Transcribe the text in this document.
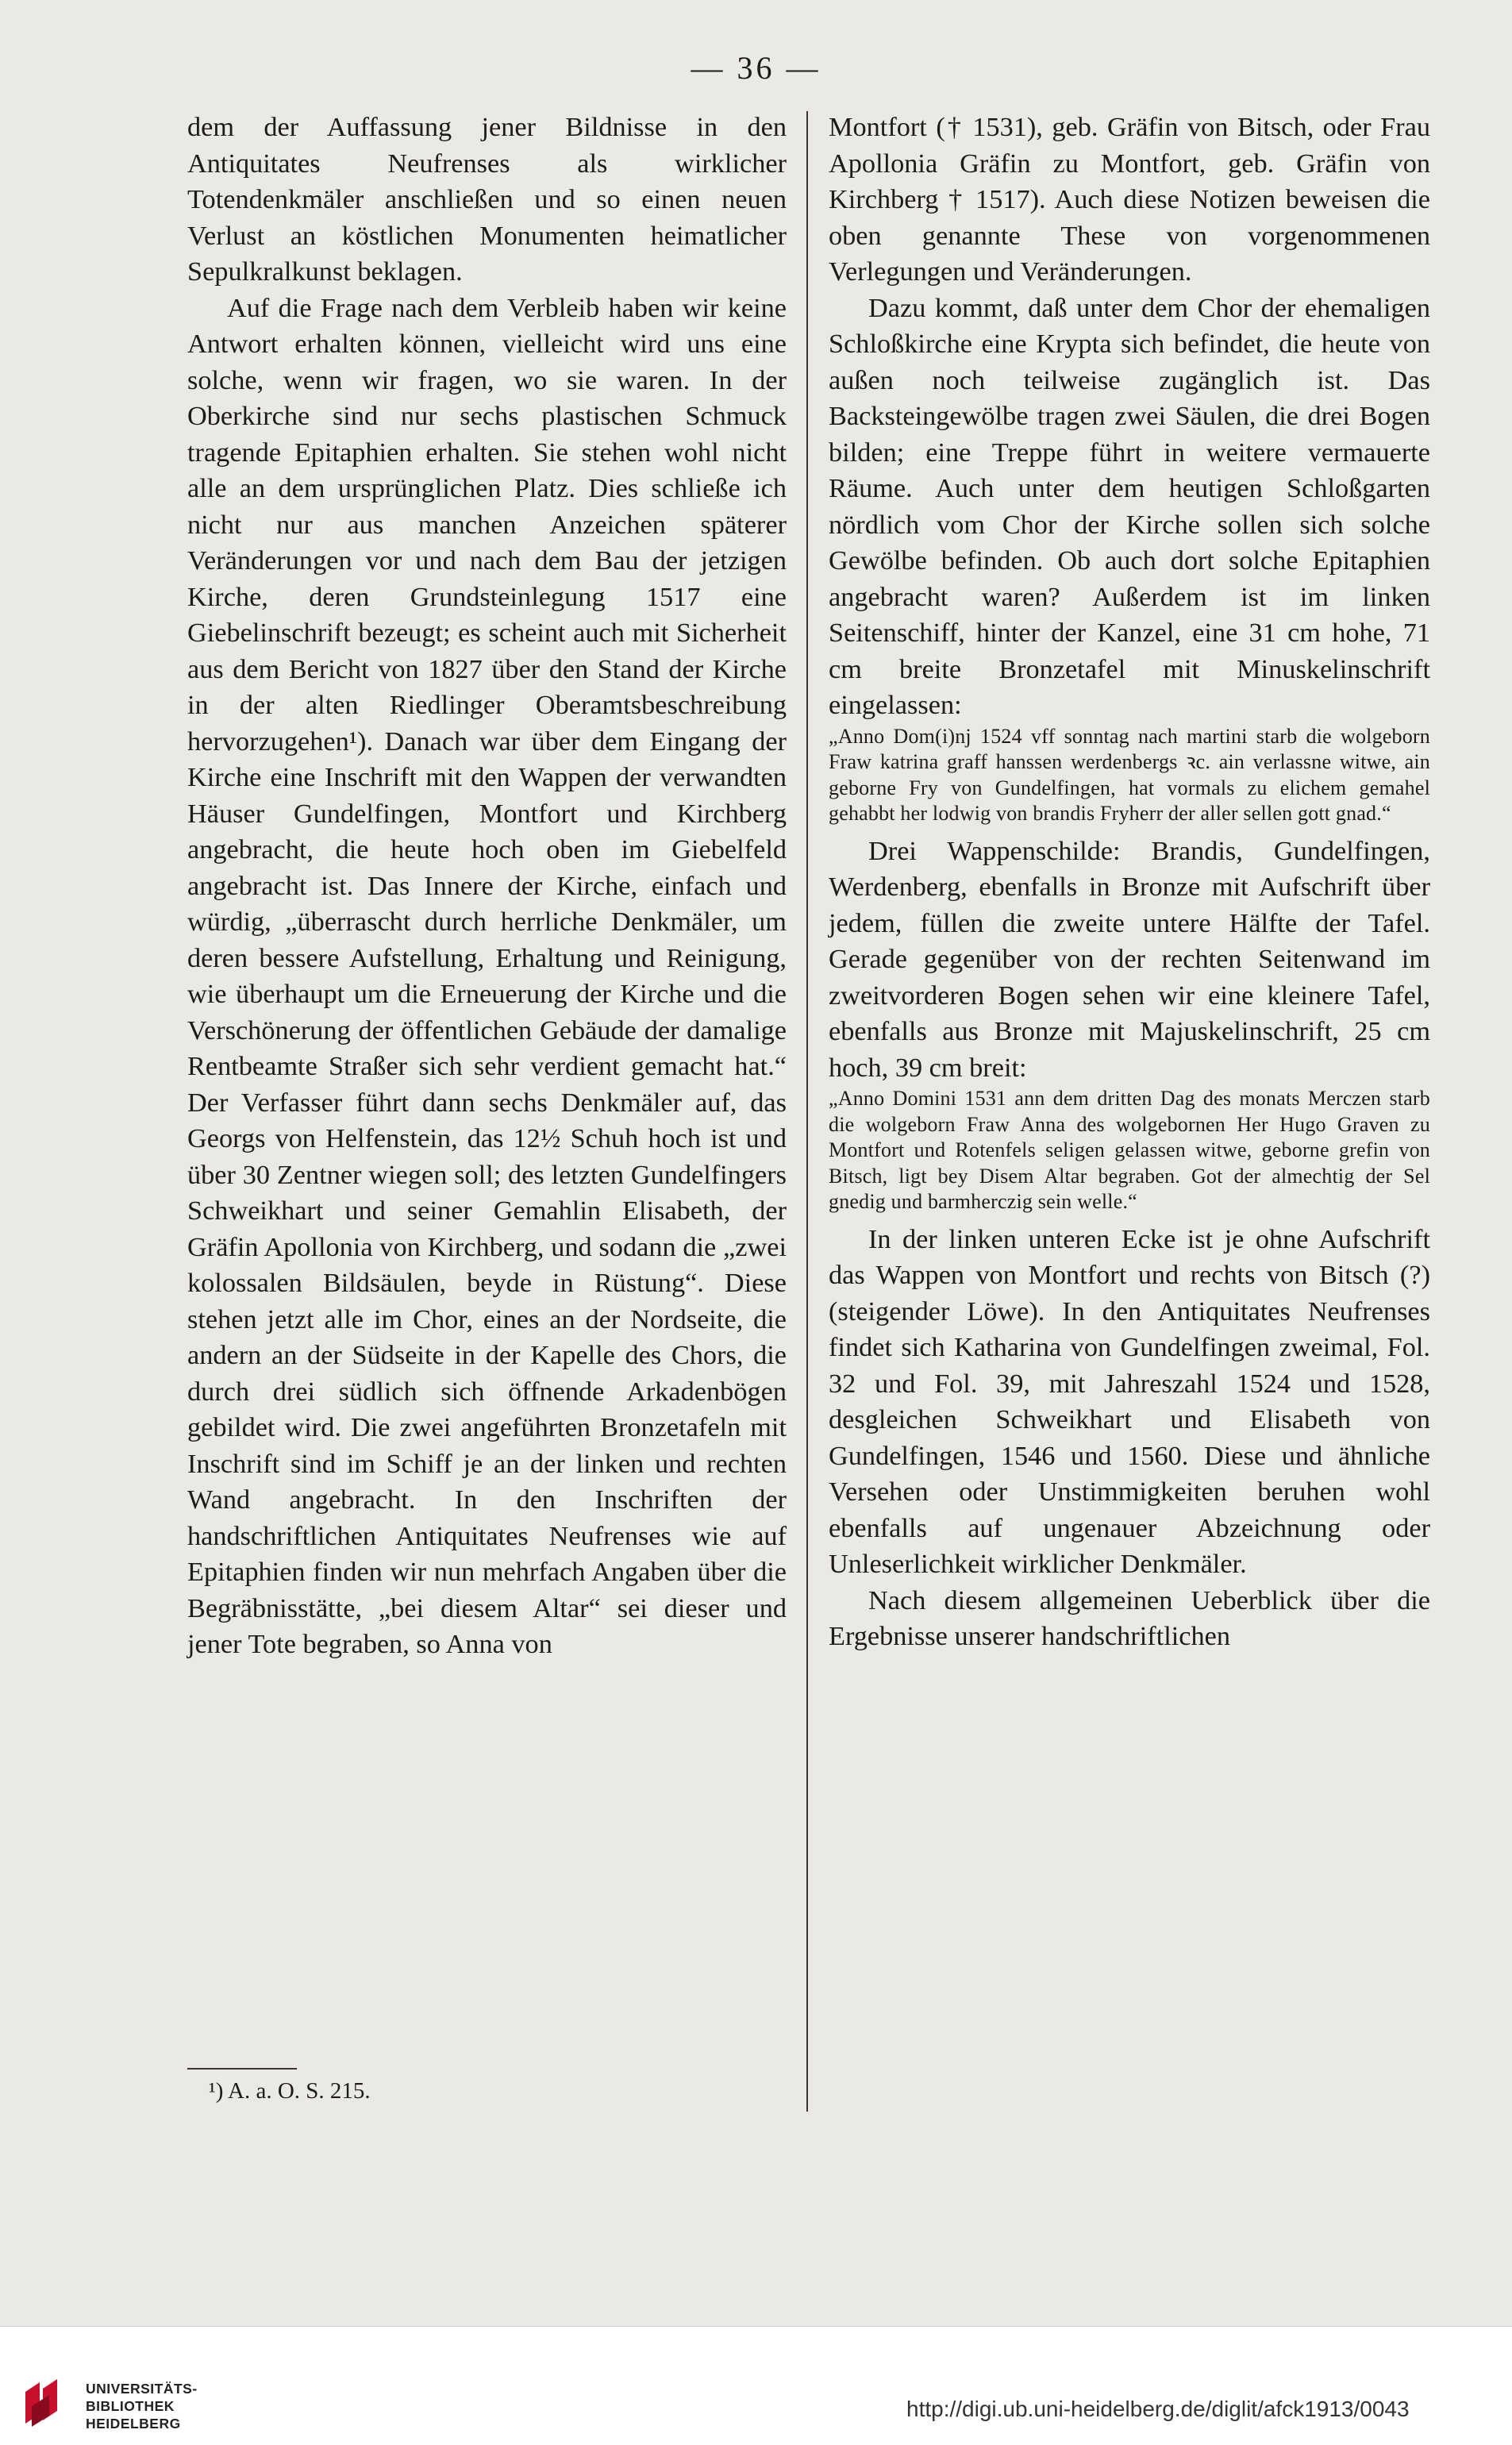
— 36 —

dem der Auffassung jener Bildnisse in den Antiquitates Neufrenses als wirklicher Totendenkmäler anschließen und so einen neuen Verlust an köstlichen Monumenten heimatlicher Sepulkralkunst beklagen.

Auf die Frage nach dem Verbleib haben wir keine Antwort erhalten können, vielleicht wird uns eine solche, wenn wir fragen, wo sie waren. In der Oberkirche sind nur sechs plastischen Schmuck tragende Epitaphien erhalten. Sie stehen wohl nicht alle an dem ursprünglichen Platz. Dies schließe ich nicht nur aus manchen Anzeichen späterer Veränderungen vor und nach dem Bau der jetzigen Kirche, deren Grundsteinlegung 1517 eine Giebelinschrift bezeugt; es scheint auch mit Sicherheit aus dem Bericht von 1827 über den Stand der Kirche in der alten Riedlinger Oberamtsbeschreibung hervorzugehen¹). Danach war über dem Eingang der Kirche eine Inschrift mit den Wappen der verwandten Häuser Gundelfingen, Montfort und Kirchberg angebracht, die heute hoch oben im Giebelfeld angebracht ist. Das Innere der Kirche, einfach und würdig, „überrascht durch herrliche Denkmäler, um deren bessere Aufstellung, Erhaltung und Reinigung, wie überhaupt um die Erneuerung der Kirche und die Verschönerung der öffentlichen Gebäude der damalige Rentbeamte Straßer sich sehr verdient gemacht hat.“ Der Verfasser führt dann sechs Denkmäler auf, das Georgs von Helfenstein, das 12½ Schuh hoch ist und über 30 Zentner wiegen soll; des letzten Gundelfingers Schweikhart und seiner Gemahlin Elisabeth, der Gräfin Apollonia von Kirchberg, und sodann die „zwei kolossalen Bildsäulen, beyde in Rüstung“. Diese stehen jetzt alle im Chor, eines an der Nordseite, die andern an der Südseite in der Kapelle des Chors, die durch drei südlich sich öffnende Arkadenbögen gebildet wird. Die zwei angeführten Bronzetafeln mit Inschrift sind im Schiff je an der linken und rechten Wand angebracht. In den Inschriften der handschriftlichen Antiquitates Neufrenses wie auf Epitaphien finden wir nun mehrfach Angaben über die Begräbnisstätte, „bei diesem Altar“ sei dieser und jener Tote begraben, so Anna von

Montfort († 1531), geb. Gräfin von Bitsch, oder Frau Apollonia Gräfin zu Montfort, geb. Gräfin von Kirchberg † 1517). Auch diese Notizen beweisen die oben genannte These von vorgenommenen Verlegungen und Veränderungen.

Dazu kommt, daß unter dem Chor der ehemaligen Schloßkirche eine Krypta sich befindet, die heute von außen noch teilweise zugänglich ist. Das Backsteingewölbe tragen zwei Säulen, die drei Bogen bilden; eine Treppe führt in weitere vermauerte Räume. Auch unter dem heutigen Schloßgarten nördlich vom Chor der Kirche sollen sich solche Gewölbe befinden. Ob auch dort solche Epitaphien angebracht waren? Außerdem ist im linken Seitenschiff, hinter der Kanzel, eine 31 cm hohe, 71 cm breite Bronzetafel mit Minuskelinschrift eingelassen:

„Anno Dom(i)nj 1524 vff sonntag nach martini starb die wolgeborn Fraw katrina graff hanssen werdenbergs ꝛc. ain verlassne witwe, ain geborne Fry von Gundelfingen, hat vormals zu elichem gemahel gehabbt her lodwig von brandis Fryherr der aller sellen gott gnad.“

Drei Wappenschilde: Brandis, Gundelfingen, Werdenberg, ebenfalls in Bronze mit Aufschrift über jedem, füllen die zweite untere Hälfte der Tafel. Gerade gegenüber von der rechten Seitenwand im zweitvorderen Bogen sehen wir eine kleinere Tafel, ebenfalls aus Bronze mit Majuskelinschrift, 25 cm hoch, 39 cm breit:

„Anno Domini 1531 ann dem dritten Dag des monats Merczen starb die wolgeborn Fraw Anna des wolgebornen Her Hugo Graven zu Montfort und Rotenfels seligen gelassen witwe, geborne grefin von Bitsch, ligt bey Disem Altar begraben. Got der almechtig der Sel gnedig und barmherczig sein welle.“

In der linken unteren Ecke ist je ohne Aufschrift das Wappen von Montfort und rechts von Bitsch (?) (steigender Löwe). In den Antiquitates Neufrenses findet sich Katharina von Gundelfingen zweimal, Fol. 32 und Fol. 39, mit Jahreszahl 1524 und 1528, desgleichen Schweikhart und Elisabeth von Gundelfingen, 1546 und 1560. Diese und ähnliche Versehen oder Unstimmigkeiten beruhen wohl ebenfalls auf ungenauer Abzeichnung oder Unleserlichkeit wirklicher Denkmäler.

Nach diesem allgemeinen Ueberblick über die Ergebnisse unserer handschriftlichen

¹) A. a. O. S. 215.
UNIVERSITÄTS-
BIBLIOTHEK
HEIDELBERG
http://digi.ub.uni-heidelberg.de/diglit/afck1913/0043
